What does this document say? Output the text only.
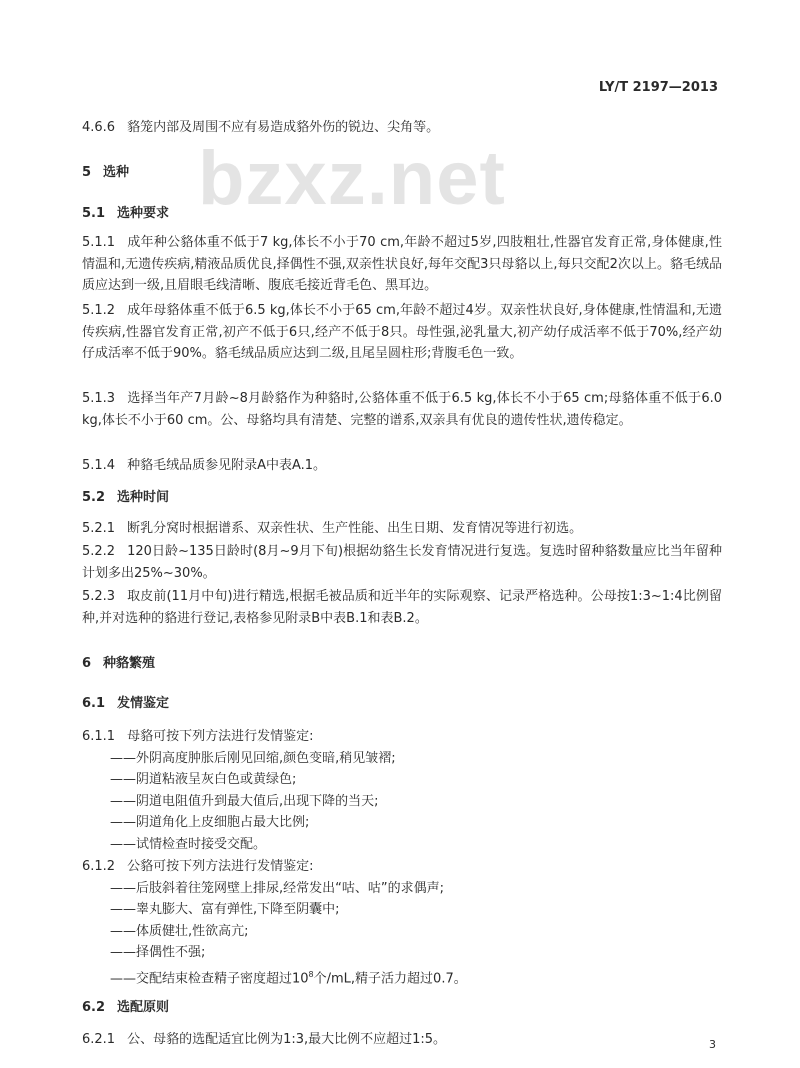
LY/T 2197—2013
bzxz.net
4.6.6 貉笼内部及周围不应有易造成貉外伤的锐边、尖角等。
5 选种
5.1 选种要求
5.1.1 成年种公貉体重不低于7 kg,体长不小于70 cm,年龄不超过5岁,四肢粗壮,性器官发育正常,身体健康,性情温和,无遗传疾病,精液品质优良,择偶性不强,双亲性状良好,每年交配3只母貉以上,每只交配2次以上。貉毛绒品质应达到一级,且眉眼毛线清晰、腹底毛接近背毛色、黑耳边。
5.1.2 成年母貉体重不低于6.5 kg,体长不小于65 cm,年龄不超过4岁。双亲性状良好,身体健康,性情温和,无遗传疾病,性器官发育正常,初产不低于6只,经产不低于8只。母性强,泌乳量大,初产幼仔成活率不低于70%,经产幼仔成活率不低于90%。貉毛绒品质应达到二级,且尾呈圆柱形;背腹毛色一致。
5.1.3 选择当年产7月龄~8月龄貉作为种貉时,公貉体重不低于6.5 kg,体长不小于65 cm;母貉体重不低于6.0 kg,体长不小于60 cm。公、母貉均具有清楚、完整的谱系,双亲具有优良的遗传性状,遗传稳定。
5.1.4 种貉毛绒品质参见附录A中表A.1。
5.2 选种时间
5.2.1 断乳分窝时根据谱系、双亲性状、生产性能、出生日期、发育情况等进行初选。
5.2.2 120日龄~135日龄时(8月~9月下旬)根据幼貉生长发育情况进行复选。复选时留种貉数量应比当年留种计划多出25%~30%。
5.2.3 取皮前(11月中旬)进行精选,根据毛被品质和近半年的实际观察、记录严格选种。公母按1:3~1:4比例留种,并对选种的貉进行登记,表格参见附录B中表B.1和表B.2。
6 种貉繁殖
6.1 发情鉴定
6.1.1 母貉可按下列方法进行发情鉴定:
——外阴高度肿胀后刚见回缩,颜色变暗,稍见皱褶;
——阴道粘液呈灰白色或黄绿色;
——阴道电阻值升到最大值后,出现下降的当天;
——阴道角化上皮细胞占最大比例;
——试情检查时接受交配。
6.1.2 公貉可按下列方法进行发情鉴定:
——后肢斜着往笼网壁上排尿,经常发出“咕、咕”的求偶声;
——睾丸膨大、富有弹性,下降至阴囊中;
——体质健壮,性欲高亢;
——择偶性不强;
——交配结束检查精子密度超过$10^8$个/mL,精子活力超过0.7。
6.2 选配原则
6.2.1 公、母貉的选配适宜比例为1:3,最大比例不应超过1:5。	3
